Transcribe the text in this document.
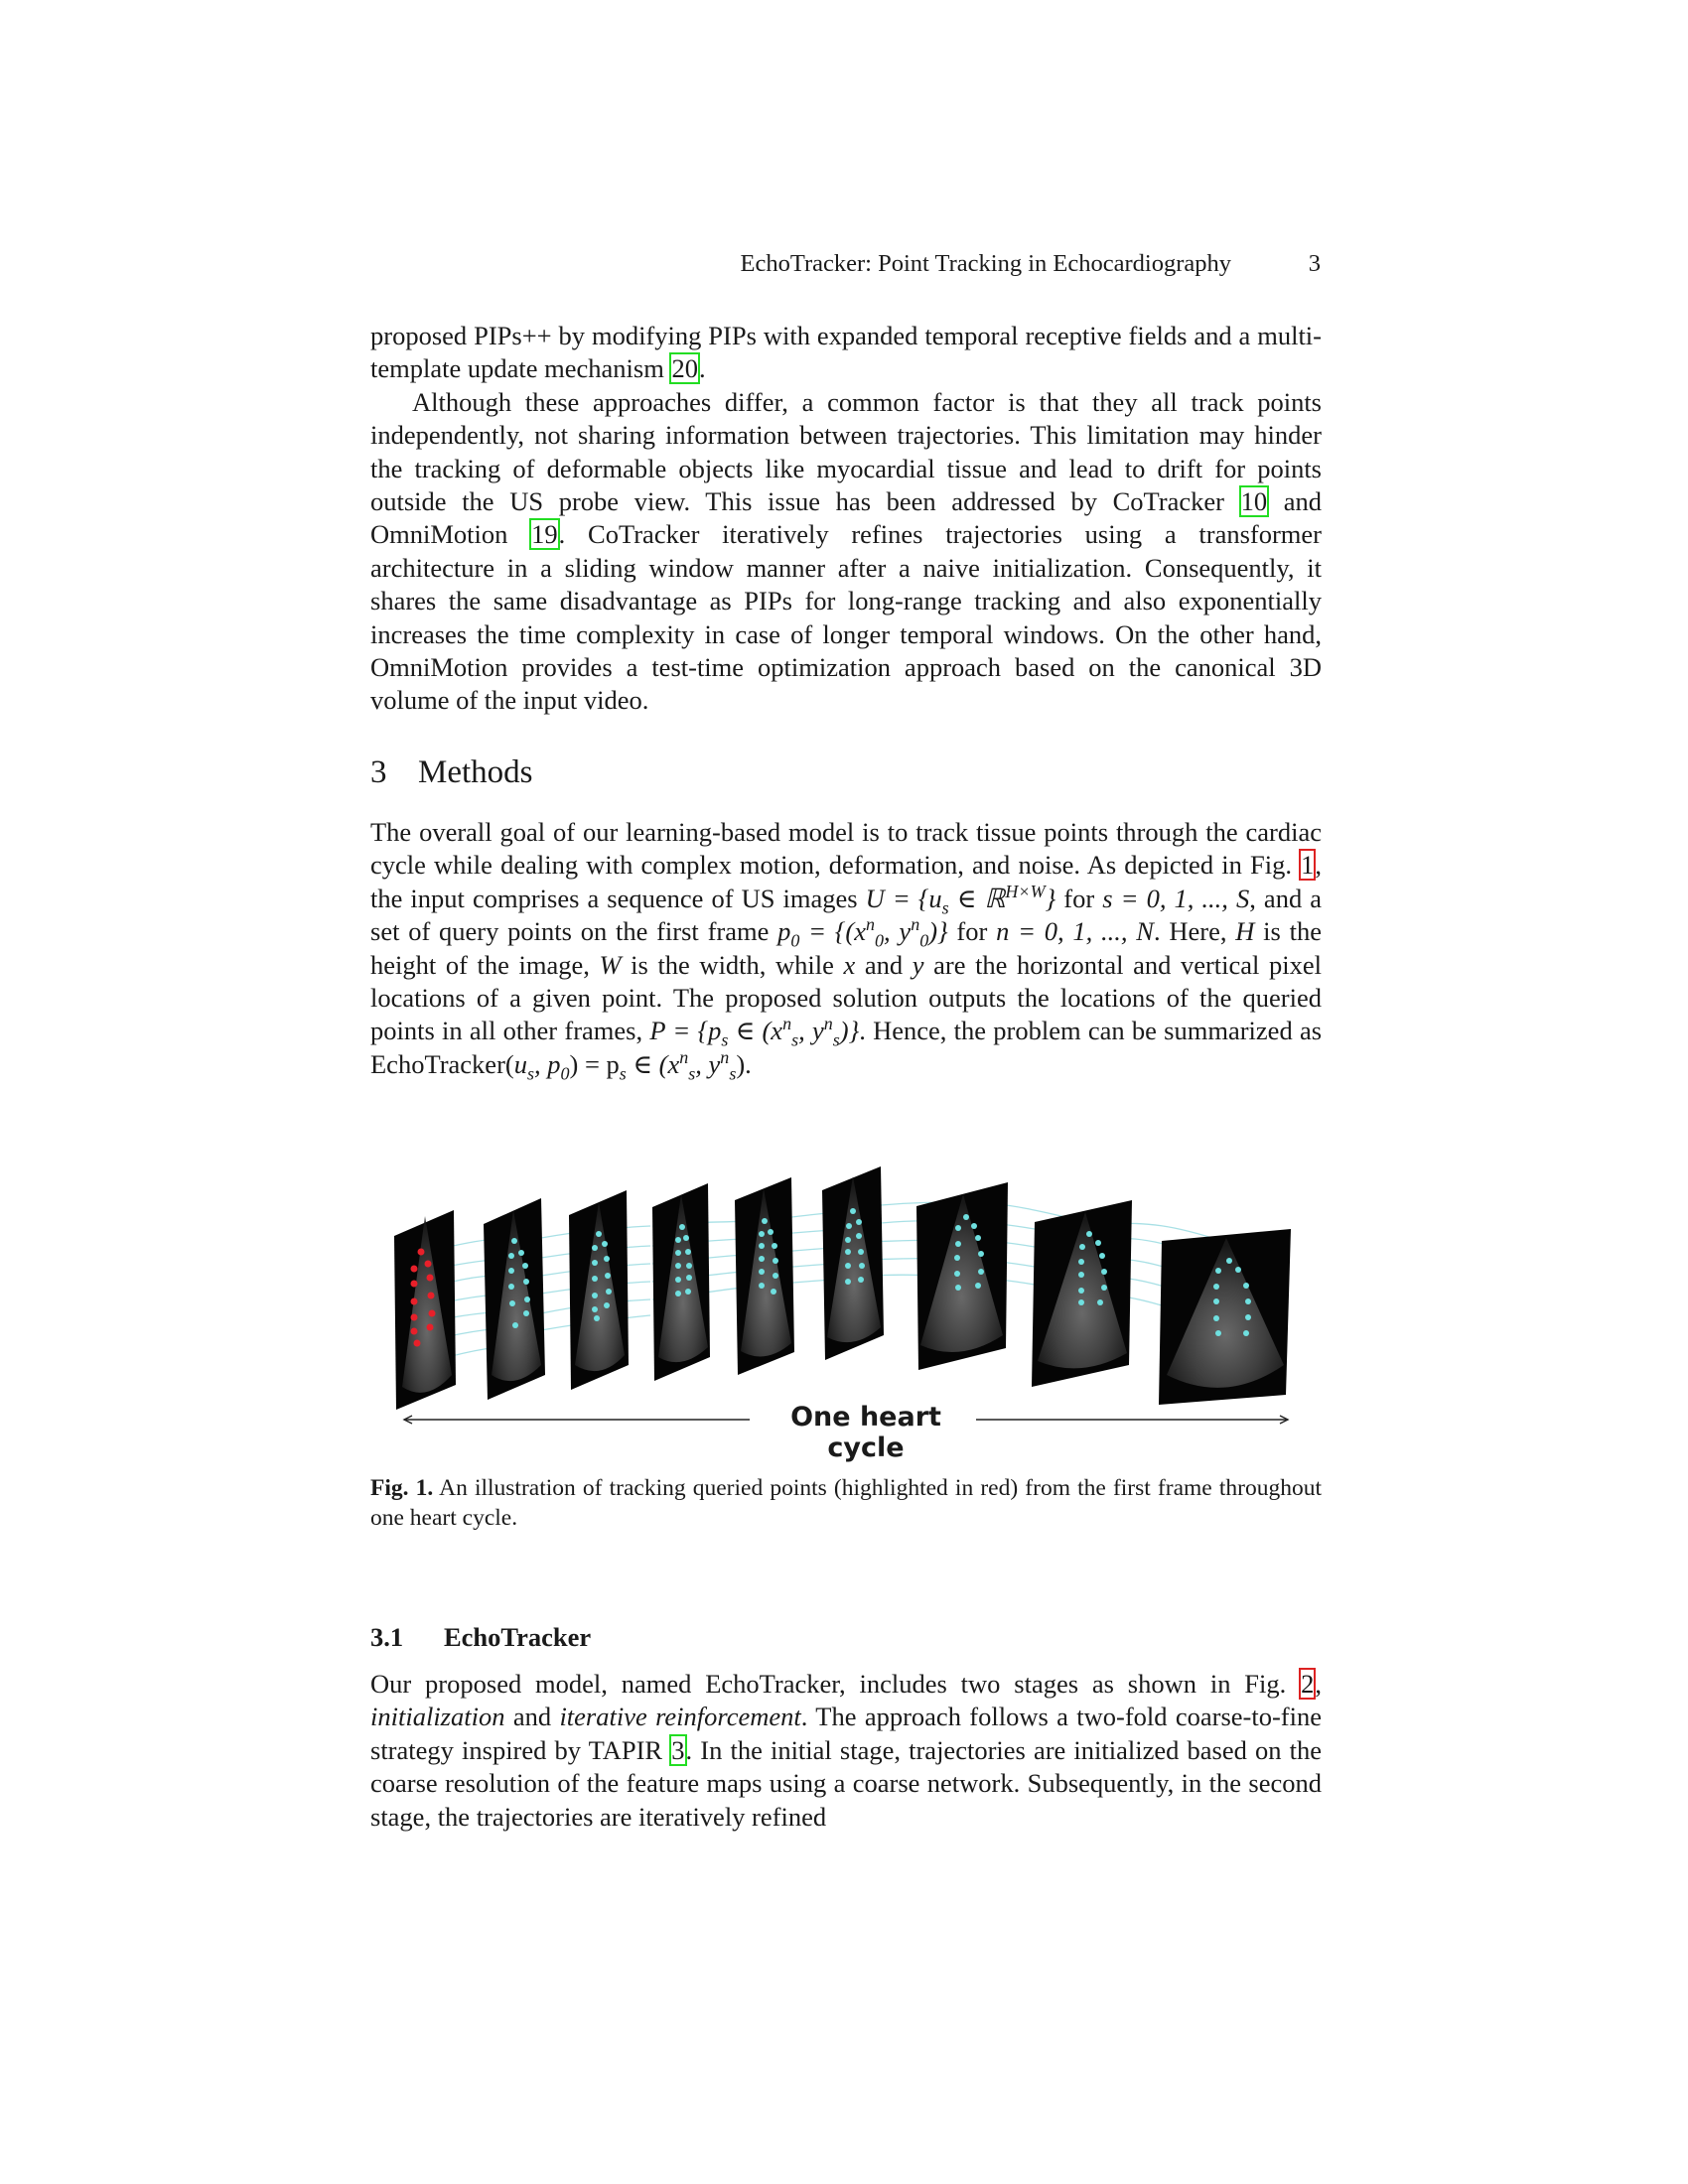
EchoTracker: Point Tracking in Echocardiography	3

proposed PIPs++ by modifying PIPs with expanded temporal receptive fields and a multi-template update mechanism 20.

Although these approaches differ, a common factor is that they all track points independently, not sharing information between trajectories. This limitation may hinder the tracking of deformable objects like myocardial tissue and lead to drift for points outside the US probe view. This issue has been addressed by CoTracker 10 and OmniMotion 19. CoTracker iteratively refines trajectories using a transformer architecture in a sliding window manner after a naive initialization. Consequently, it shares the same disadvantage as PIPs for long-range tracking and also exponentially increases the time complexity in case of longer temporal windows. On the other hand, OmniMotion provides a test-time optimization approach based on the canonical 3D volume of the input video.

3 Methods

The overall goal of our learning-based model is to track tissue points through the cardiac cycle while dealing with complex motion, deformation, and noise. As depicted in Fig. 1, the input comprises a sequence of US images $U = \{u_s$ ∈ ℝ$^{H\times W}$} for s = 0, 1, ..., S, and a set of query points on the first frame $p_0 = \{(x^n_0$, $y^n_0$)} for n = 0, 1, ..., N. Here, H is the height of the image, W is the width, while x and y are the horizontal and vertical pixel locations of a given point. The proposed solution outputs the locations of the queried points in all other frames, $P = \{p_s$ ∈ ($x^n_s$, $y^n_s$)}. Hence, the problem can be summarized as $EchoTracker(u_s$, $p_0) = p_s$ ∈ ($x^n_s$, $y^n_s$).

One heart cycle
Fig. 1. An illustration of tracking queried points (highlighted in red) from the first frame throughout one heart cycle.
3.1 EchoTracker

Our proposed model, named EchoTracker, includes two stages as shown in Fig. 2, initialization and iterative reinforcement. The approach follows a two-fold coarse-to-fine strategy inspired by TAPIR 3. In the initial stage, trajectories are initialized based on the coarse resolution of the feature maps using a coarse network. Subsequently, in the second stage, the trajectories are iteratively refined
